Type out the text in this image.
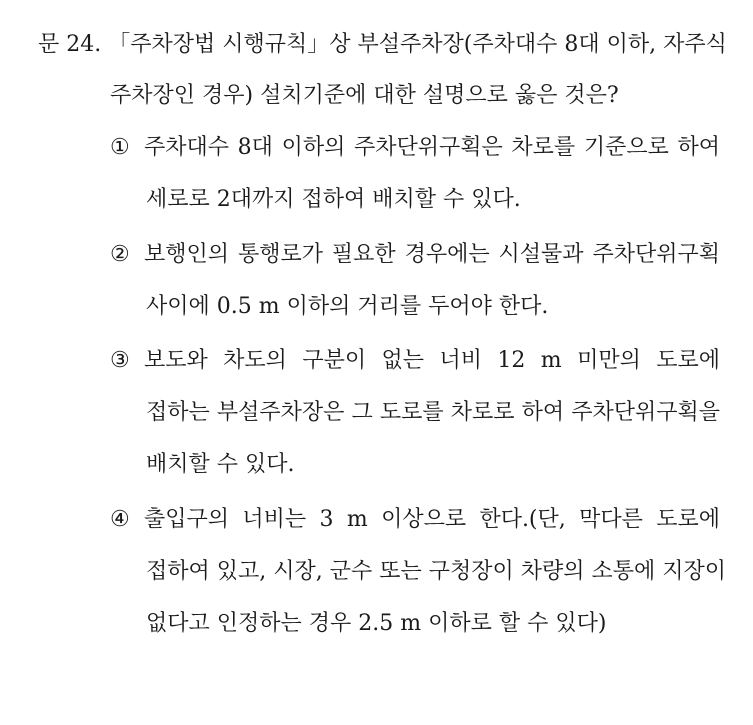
문 24. 「주차장법 시행규칙」상 부설주차장(주차대수 8대 이하, 자주식
주차장인 경우) 설치기준에 대한 설명으로 옳은 것은?
① 주차대수 8대 이하의 주차단위구획은 차로를 기준으로 하여
세로로 2대까지 접하여 배치할 수 있다.
② 보행인의 통행로가 필요한 경우에는 시설물과 주차단위구획
사이에 0.5 m 이하의 거리를 두어야 한다.
③ 보도와 차도의 구분이 없는 너비 12 m 미만의 도로에
접하는 부설주차장은 그 도로를 차로로 하여 주차단위구획을
배치할 수 있다.
④ 출입구의 너비는 3 m 이상으로 한다.(단, 막다른 도로에
접하여 있고, 시장, 군수 또는 구청장이 차량의 소통에 지장이
없다고 인정하는 경우 2.5 m 이하로 할 수 있다)
